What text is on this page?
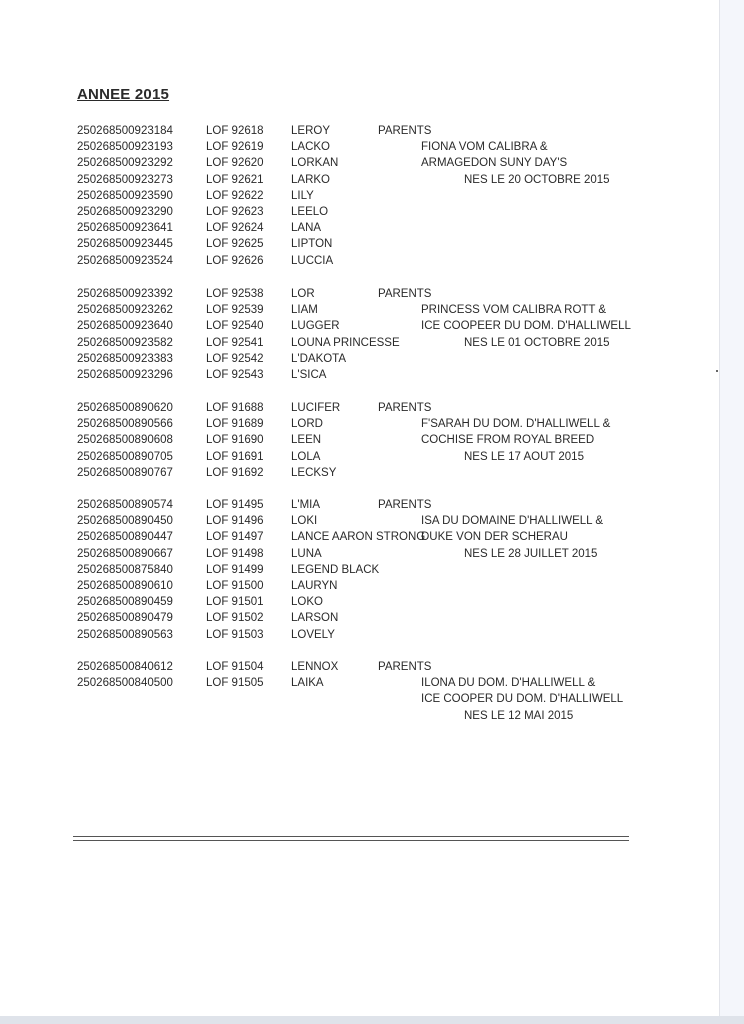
ANNEE 2015
250268500923184	LOF 92618 LEROY	PARENTS
250268500923193	LOF 92619 LACKO	FIONA VOM CALIBRA &
250268500923292	LOF 92620 LORKAN	ARMAGEDON SUNY DAY'S
250268500923273	LOF 92621 LARKO	NES LE 20 OCTOBRE 2015
250268500923590	LOF 92622 LILY
250268500923290	LOF 92623 LEELO
250268500923641	LOF 92624 LANA
250268500923445	LOF 92625 LIPTON
250268500923524	LOF 92626 LUCCIA
250268500923392	LOF 92538 LOR	PARENTS
250268500923262	LOF 92539 LIAM	PRINCESS VOM CALIBRA ROTT &
250268500923640	LOF 92540 LUGGER	ICE COOPEER DU DOM. D'HALLIWELL
250268500923582	LOF 92541 LOUNA PRINCESSE	NES LE 01 OCTOBRE 2015
250268500923383	LOF 92542 L'DAKOTA
250268500923296	LOF 92543 L'SICA
250268500890620	LOF 91688 LUCIFER	PARENTS
250268500890566	LOF 91689 LORD	F'SARAH DU DOM. D'HALLIWELL &
250268500890608	LOF 91690 LEEN	COCHISE FROM ROYAL BREED
250268500890705	LOF 91691 LOLA	NES LE 17 AOUT 2015
250268500890767	LOF 91692 LECKSY
250268500890574	LOF 91495 L'MIA	PARENTS
250268500890450	LOF 91496 LOKI	ISA DU DOMAINE D'HALLIWELL &
250268500890447	LOF 91497 LANCE AARON STRONG
DUKE VON DER SCHERAU
250268500890667	LOF 91498 LUNA	NES LE 28 JUILLET 2015
250268500875840	LOF 91499 LEGEND BLACK
250268500890610	LOF 91500 LAURYN
250268500890459	LOF 91501 LOKO
250268500890479	LOF 91502 LARSON
250268500890563	LOF 91503 LOVELY
250268500840612	LOF 91504 LENNOX	PARENTS
250268500840500	LOF 91505 LAIKA	ILONA DU DOM. D'HALLIWELL &
ICE COOPER DU DOM. D'HALLIWELL
NES LE 12 MAI 2015
